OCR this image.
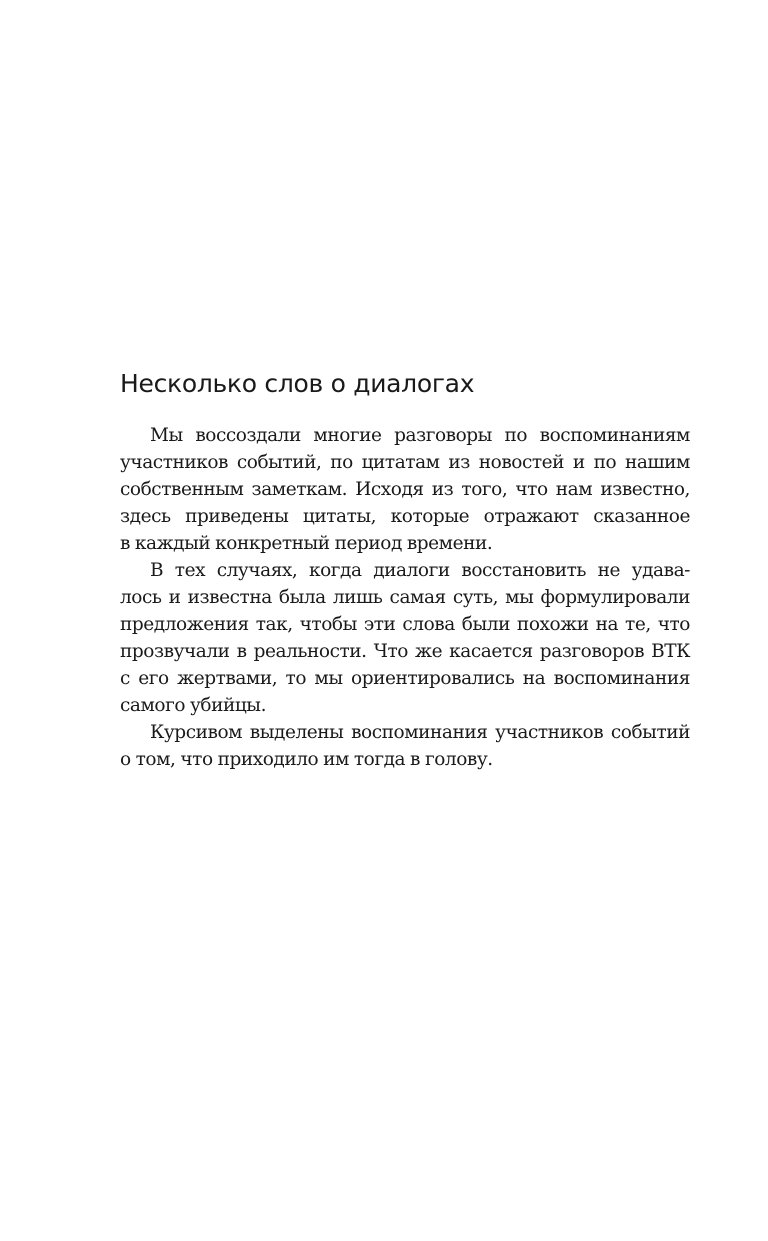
Несколько слов о диалогах

Мы воссоздали многие разговоры по воспоминаниям
участников событий, по цитатам из новостей и по нашим
собственным заметкам. Исходя из того, что нам известно,
здесь приведены цитаты, которые отражают сказанное
в каждый конкретный период времени.

В тех случаях, когда диалоги восстановить не удава-
лось и известна была лишь самая суть, мы формулировали
предложения так, чтобы эти слова были похожи на те, что
прозвучали в реальности. Что же касается разговоров ВТК
с его жертвами, то мы ориентировались на воспоминания
самого убийцы.

Курсивом выделены воспоминания участников событий
о том, что приходило им тогда в голову.
